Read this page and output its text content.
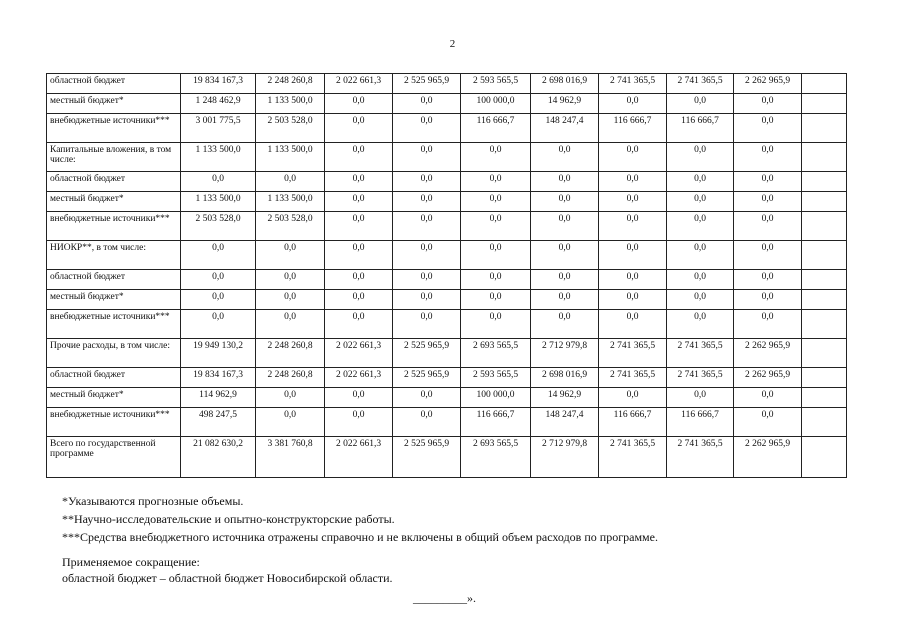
2
областной бюджет	19 834 167,3	2 248 260,8	2 022 661,3	2 525 965,9	2 593 565,5	2 698 016,9	2 741 365,5	2 741 365,5	2 262 965,9	
местный бюджет*	1 248 462,9	1 133 500,0	0,0	0,0	100 000,0	14 962,9	0,0	0,0	0,0	
внебюджетные источники***	3 001 775,5	2 503 528,0	0,0	0,0	116 666,7	148 247,4	116 666,7	116 666,7	0,0	
Капитальные вложения, в том числе:	1 133 500,0	1 133 500,0	0,0	0,0	0,0	0,0	0,0	0,0	0,0	
областной бюджет	0,0	0,0	0,0	0,0	0,0	0,0	0,0	0,0	0,0	
местный бюджет*	1 133 500,0	1 133 500,0	0,0	0,0	0,0	0,0	0,0	0,0	0,0	
внебюджетные источники***	2 503 528,0	2 503 528,0	0,0	0,0	0,0	0,0	0,0	0,0	0,0	
НИОКР**, в том числе:	0,0	0,0	0,0	0,0	0,0	0,0	0,0	0,0	0,0	
областной бюджет	0,0	0,0	0,0	0,0	0,0	0,0	0,0	0,0	0,0	
местный бюджет*	0,0	0,0	0,0	0,0	0,0	0,0	0,0	0,0	0,0	
внебюджетные источники***	0,0	0,0	0,0	0,0	0,0	0,0	0,0	0,0	0,0	
Прочие расходы, в том числе:	19 949 130,2	2 248 260,8	2 022 661,3	2 525 965,9	2 693 565,5	2 712 979,8	2 741 365,5	2 741 365,5	2 262 965,9	
областной бюджет	19 834 167,3	2 248 260,8	2 022 661,3	2 525 965,9	2 593 565,5	2 698 016,9	2 741 365,5	2 741 365,5	2 262 965,9	
местный бюджет*	114 962,9	0,0	0,0	0,0	100 000,0	14 962,9	0,0	0,0	0,0	
внебюджетные источники***	498 247,5	0,0	0,0	0,0	116 666,7	148 247,4	116 666,7	116 666,7	0,0	
Всего по государственной программе	21 082 630,2	3 381 760,8	2 022 661,3	2 525 965,9	2 693 565,5	2 712 979,8	2 741 365,5	2 741 365,5	2 262 965,9	
*Указываются прогнозные объемы.
**Научно-исследовательские и опытно-конструкторские работы.
***Средства внебюджетного источника отражены справочно и не включены в общий объем расходов по программе.
Применяемое сокращение:
областной бюджет – областной бюджет Новосибирской области.
_________».
